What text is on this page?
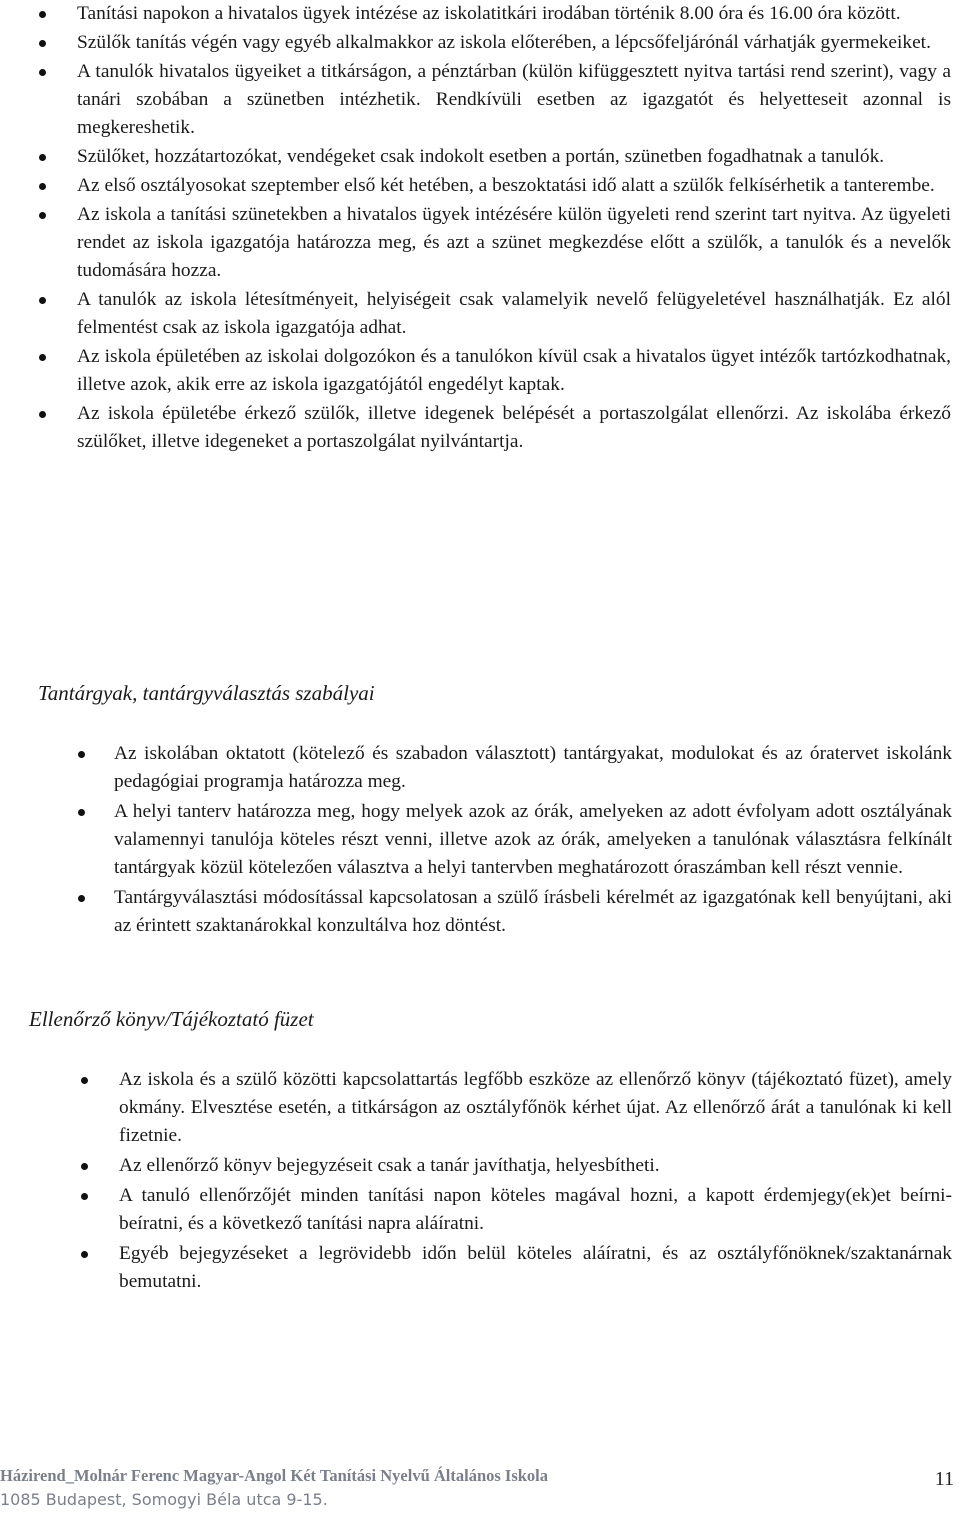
Tanítási napokon a hivatalos ügyek intézése az iskolatitkári irodában történik 8.00 óra és 16.00 óra között.
Szülők tanítás végén vagy egyéb alkalmakkor az iskola előterében, a lépcsőfeljárónál várhatják gyermekeiket.
A tanulók hivatalos ügyeiket a titkárságon, a pénztárban (külön kifüggesztett nyitva tartási rend szerint), vagy a tanári szobában a szünetben intézhetik. Rendkívüli esetben az igazgatót és helyetteseit azonnal is megkereshetik.
Szülőket, hozzátartozókat, vendégeket csak indokolt esetben a portán, szünetben fogadhatnak a tanulók.
Az első osztályosokat szeptember első két hetében, a beszoktatási idő alatt a szülők felkísérhetik a tanterembe.
Az iskola a tanítási szünetekben a hivatalos ügyek intézésére külön ügyeleti rend szerint tart nyitva. Az ügyeleti rendet az iskola igazgatója határozza meg, és azt a szünet megkezdése előtt a szülők, a tanulók és a nevelők tudomására hozza.
A tanulók az iskola létesítményeit, helyiségeit csak valamelyik nevelő felügyeletével használhatják. Ez alól felmentést csak az iskola igazgatója adhat.
Az iskola épületében az iskolai dolgozókon és a tanulókon kívül csak a hivatalos ügyet intézők tartózkodhatnak, illetve azok, akik erre az iskola igazgatójától engedélyt kaptak.
Az iskola épületébe érkező szülők, illetve idegenek belépését a portaszolgálat ellenőrzi. Az iskolába érkező szülőket, illetve idegeneket a portaszolgálat nyilvántartja.
Tantárgyak, tantárgyválasztás szabályai
Az iskolában oktatott (kötelező és szabadon választott) tantárgyakat, modulokat és az óratervet iskolánk pedagógiai programja határozza meg.
A helyi tanterv határozza meg, hogy melyek azok az órák, amelyeken az adott évfolyam adott osztályának valamennyi tanulója köteles részt venni, illetve azok az órák, amelyeken a tanulónak választásra felkínált tantárgyak közül kötelezően választva a helyi tantervben meghatározott óraszámban kell részt vennie.
Tantárgyválasztási módosítással kapcsolatosan a szülő írásbeli kérelmét az igazgatónak kell benyújtani, aki az érintett szaktanárokkal konzultálva hoz döntést.
Ellenőrző könyv/Tájékoztató füzet
Az iskola és a szülő közötti kapcsolattartás legfőbb eszköze az ellenőrző könyv (tájékoztató füzet), amely okmány. Elvesztése esetén, a titkárságon az osztályfőnök kérhet újat. Az ellenőrző árát a tanulónak ki kell fizetnie.
Az ellenőrző könyv bejegyzéseit csak a tanár javíthatja, helyesbítheti.
A tanuló ellenőrzőjét minden tanítási napon köteles magával hozni, a kapott érdemjegy(ek)et beírni-beíratni, és a következő tanítási napra aláíratni.
Egyéb bejegyzéseket a legrövidebb időn belül köteles aláíratni, és az osztályfőnöknek/szaktanárnak bemutatni.
Házirend_Molnár Ferenc Magyar-Angol Két Tanítási Nyelvű Általános Iskola
1085 Budapest, Somogyi Béla utca 9-15.
11
